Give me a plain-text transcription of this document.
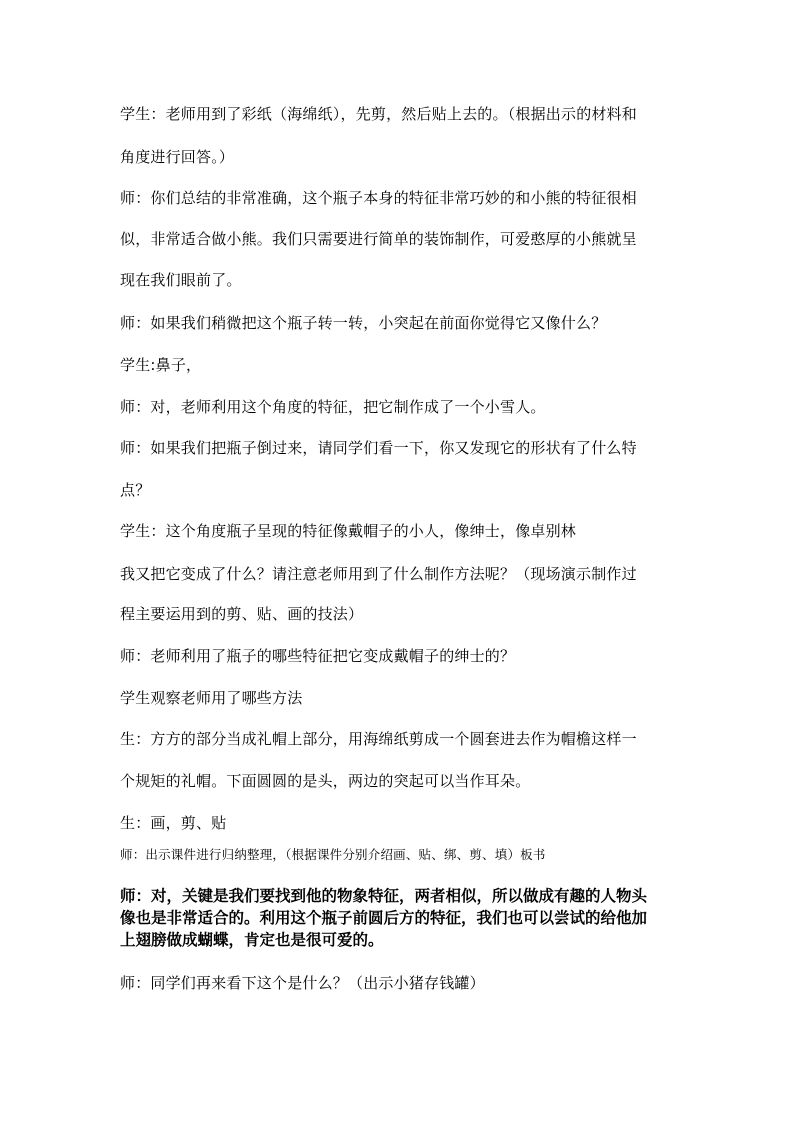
学生：老师用到了彩纸（海绵纸），先剪，然后贴上去的。（根据出示的材料和
角度进行回答。）
师：你们总结的非常准确，这个瓶子本身的特征非常巧妙的和小熊的特征很相
似，非常适合做小熊。我们只需要进行简单的装饰制作，可爱憨厚的小熊就呈
现在我们眼前了。
师：如果我们稍微把这个瓶子转一转，小突起在前面你觉得它又像什么？
学生:鼻子，
师：对，老师利用这个角度的特征，把它制作成了一个小雪人。
师：如果我们把瓶子倒过来，请同学们看一下，你又发现它的形状有了什么特
点？
学生：这个角度瓶子呈现的特征像戴帽子的小人，像绅士，像卓别林
我又把它变成了什么？请注意老师用到了什么制作方法呢？（现场演示制作过
程主要运用到的剪、贴、画的技法）
师：老师利用了瓶子的哪些特征把它变成戴帽子的绅士的？
学生观察老师用了哪些方法
生：方方的部分当成礼帽上部分，用海绵纸剪成一个圆套进去作为帽檐这样一
个规矩的礼帽。下面圆圆的是头，两边的突起可以当作耳朵。
生：画，剪、贴
师：出示课件进行归纳整理，（根据课件分别介绍画、贴、绑、剪、填）板书
师：对，关键是我们要找到他的物象特征，两者相似，所以做成有趣的人物头
像也是非常适合的。利用这个瓶子前圆后方的特征，我们也可以尝试的给他加
上翅膀做成蝴蝶，肯定也是很可爱的。
师：同学们再来看下这个是什么？（出示小猪存钱罐）
